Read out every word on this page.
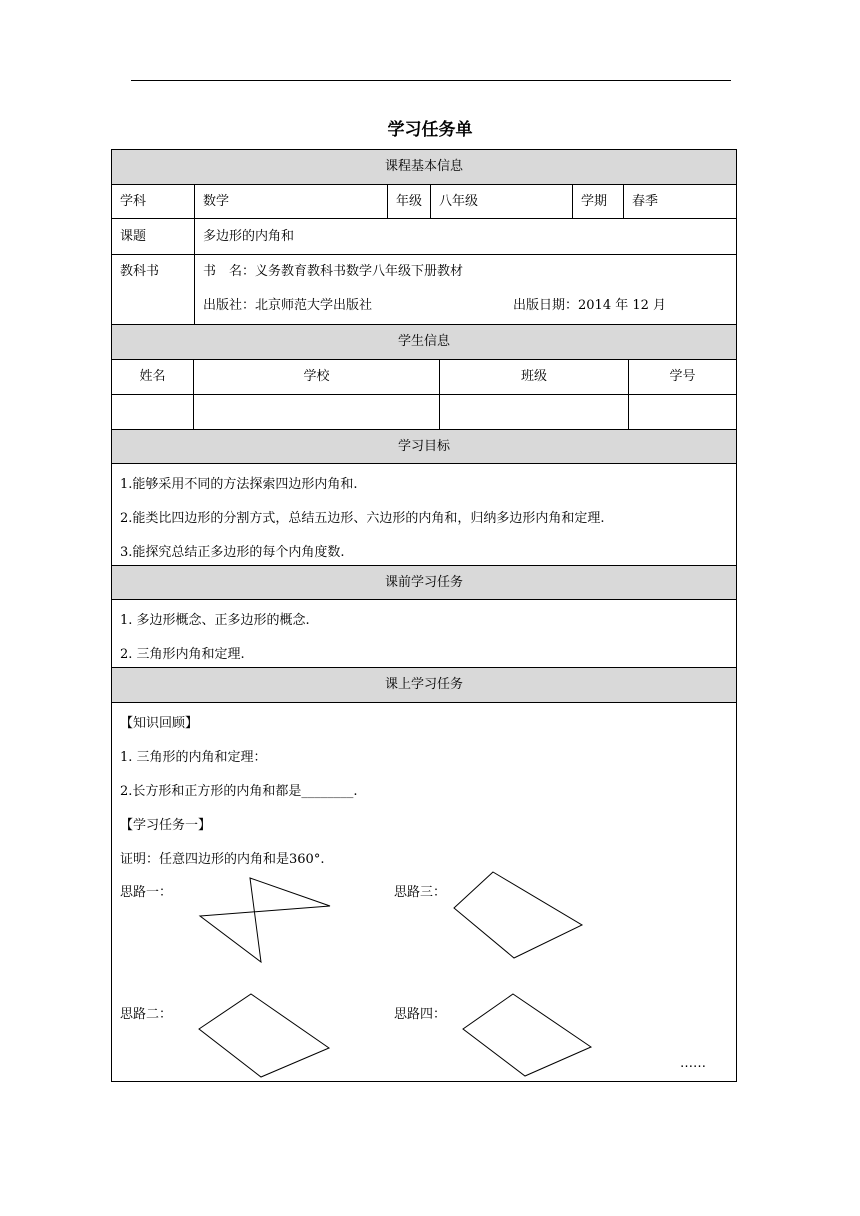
学习任务单
课程基本信息
学科	数学	年级	八年级	学期	春季
课题	多边形的内角和
教科书	书　名：义务教育教科书数学八年级下册教材
出版社：北京师范大学出版社	出版日期：2014 年 12 月
学生信息
姓名	学校	班级	学号
学习目标
1.能够采用不同的方法探索四边形内角和.
2.能类比四边形的分割方式，总结五边形、六边形的内角和，归纳多边形内角和定理.
3.能探究总结正多边形的每个内角度数.
课前学习任务
1. 多边形概念、正多边形的概念.
2. 三角形内角和定理.
课上学习任务
【知识回顾】
1. 三角形的内角和定理：
2.长方形和正方形的内角和都是________.
【学习任务一】
证明：任意四边形的内角和是360°.
思路一：	思路三：
思路二：	思路四：
……
